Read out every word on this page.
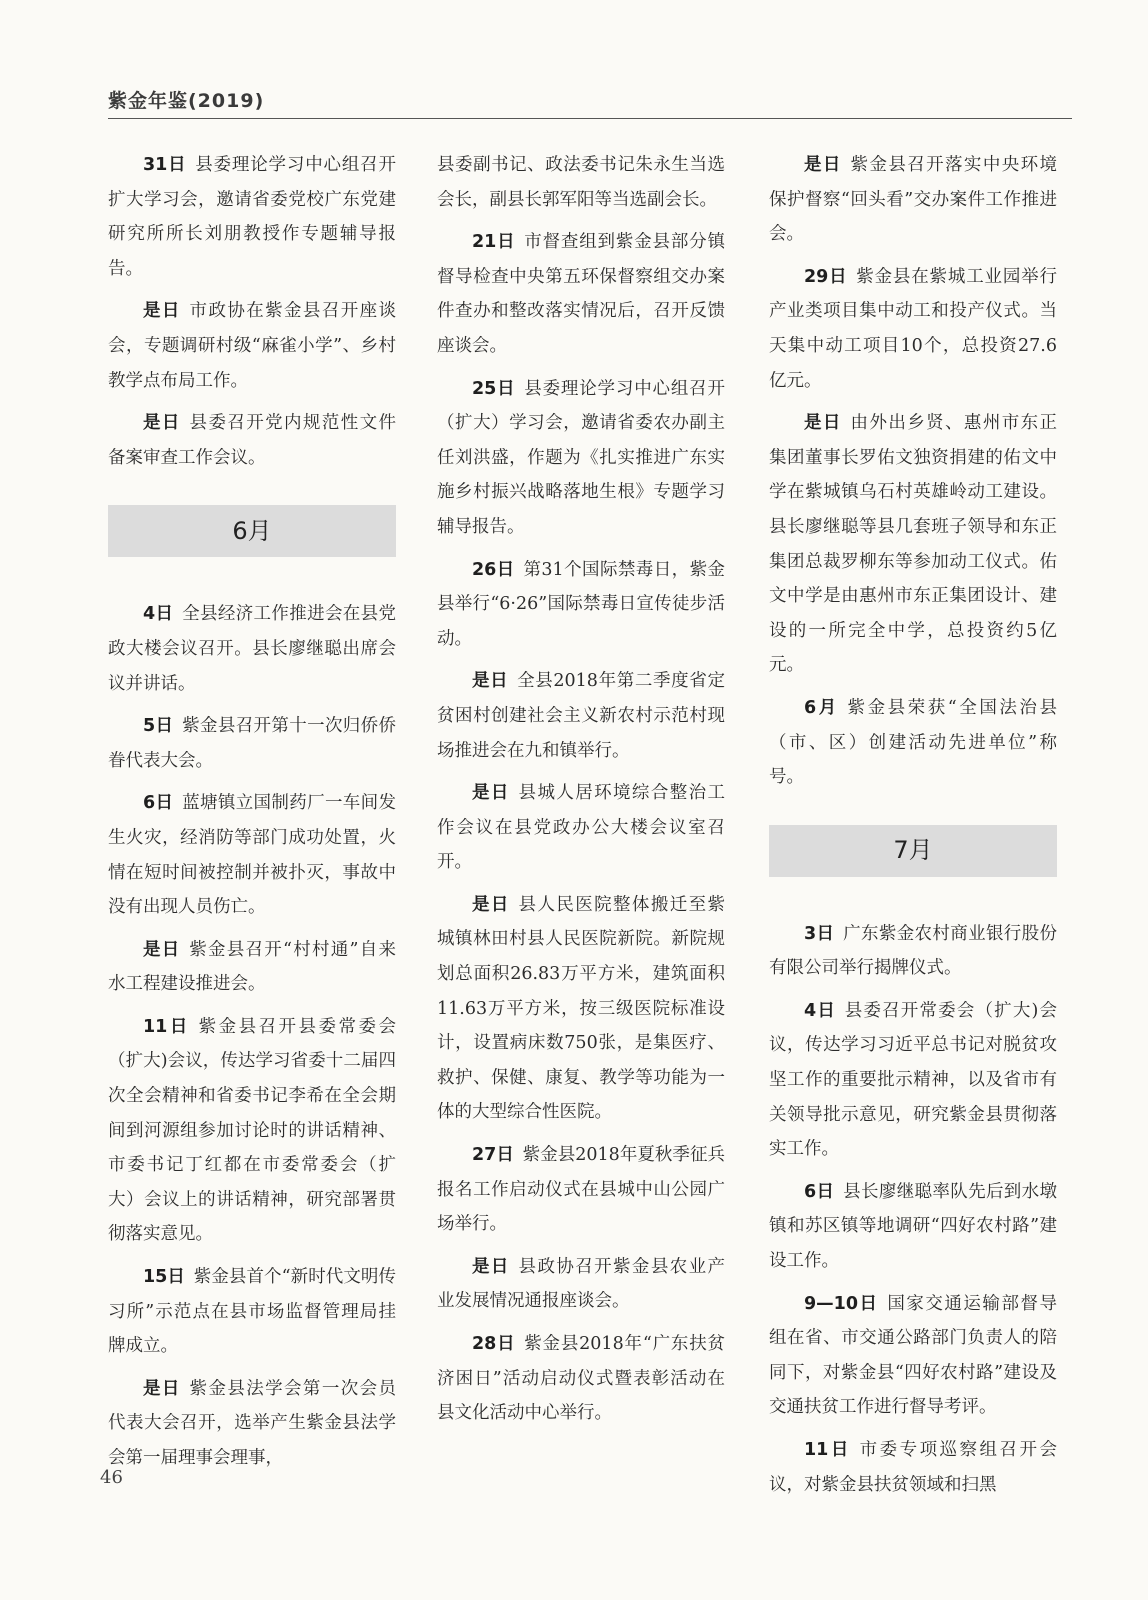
紫金年鉴(2019)

31日 县委理论学习中心组召开扩大学习会，邀请省委党校广东党建研究所所长刘朋教授作专题辅导报告。

是日 市政协在紫金县召开座谈会，专题调研村级“麻雀小学”、乡村教学点布局工作。

是日 县委召开党内规范性文件备案审查工作会议。

6月

4日 全县经济工作推进会在县党政大楼会议召开。县长廖继聪出席会议并讲话。

5日 紫金县召开第十一次归侨侨眷代表大会。

6日 蓝塘镇立国制药厂一车间发生火灾，经消防等部门成功处置，火情在短时间被控制并被扑灭，事故中没有出现人员伤亡。

是日 紫金县召开“村村通”自来水工程建设推进会。

11日 紫金县召开县委常委会（扩大)会议，传达学习省委十二届四次全会精神和省委书记李希在全会期间到河源组参加讨论时的讲话精神、市委书记丁红都在市委常委会（扩大）会议上的讲话精神，研究部署贯彻落实意见。

15日 紫金县首个“新时代文明传习所”示范点在县市场监督管理局挂牌成立。

是日 紫金县法学会第一次会员代表大会召开，选举产生紫金县法学会第一届理事会理事，

县委副书记、政法委书记朱永生当选会长，副县长郭军阳等当选副会长。

21日 市督查组到紫金县部分镇督导检查中央第五环保督察组交办案件查办和整改落实情况后，召开反馈座谈会。

25日 县委理论学习中心组召开（扩大）学习会，邀请省委农办副主任刘洪盛，作题为《扎实推进广东实施乡村振兴战略落地生根》专题学习辅导报告。

26日 第31个国际禁毒日，紫金县举行“6·26”国际禁毒日宣传徒步活动。

是日 全县2018年第二季度省定贫困村创建社会主义新农村示范村现场推进会在九和镇举行。

是日 县城人居环境综合整治工作会议在县党政办公大楼会议室召开。

是日 县人民医院整体搬迁至紫城镇林田村县人民医院新院。新院规划总面积26.83万平方米，建筑面积11.63万平方米，按三级医院标准设计，设置病床数750张，是集医疗、救护、保健、康复、教学等功能为一体的大型综合性医院。

27日 紫金县2018年夏秋季征兵报名工作启动仪式在县城中山公园广场举行。

是日 县政协召开紫金县农业产业发展情况通报座谈会。

28日 紫金县2018年“广东扶贫济困日”活动启动仪式暨表彰活动在县文化活动中心举行。

是日 紫金县召开落实中央环境保护督察“回头看”交办案件工作推进会。

29日 紫金县在紫城工业园举行产业类项目集中动工和投产仪式。当天集中动工项目10个，总投资27.6亿元。

是日 由外出乡贤、惠州市东正集团董事长罗佑文独资捐建的佑文中学在紫城镇乌石村英雄岭动工建设。县长廖继聪等县几套班子领导和东正集团总裁罗柳东等参加动工仪式。佑文中学是由惠州市东正集团设计、建设的一所完全中学，总投资约5亿元。

6月 紫金县荣获“全国法治县（市、区）创建活动先进单位”称号。

7月

3日 广东紫金农村商业银行股份有限公司举行揭牌仪式。

4日 县委召开常委会（扩大)会议，传达学习习近平总书记对脱贫攻坚工作的重要批示精神，以及省市有关领导批示意见，研究紫金县贯彻落实工作。

6日 县长廖继聪率队先后到水墩镇和苏区镇等地调研“四好农村路”建设工作。

9—10日 国家交通运输部督导组在省、市交通公路部门负责人的陪同下，对紫金县“四好农村路”建设及交通扶贫工作进行督导考评。

11日 市委专项巡察组召开会议，对紫金县扶贫领域和扫黑

46
